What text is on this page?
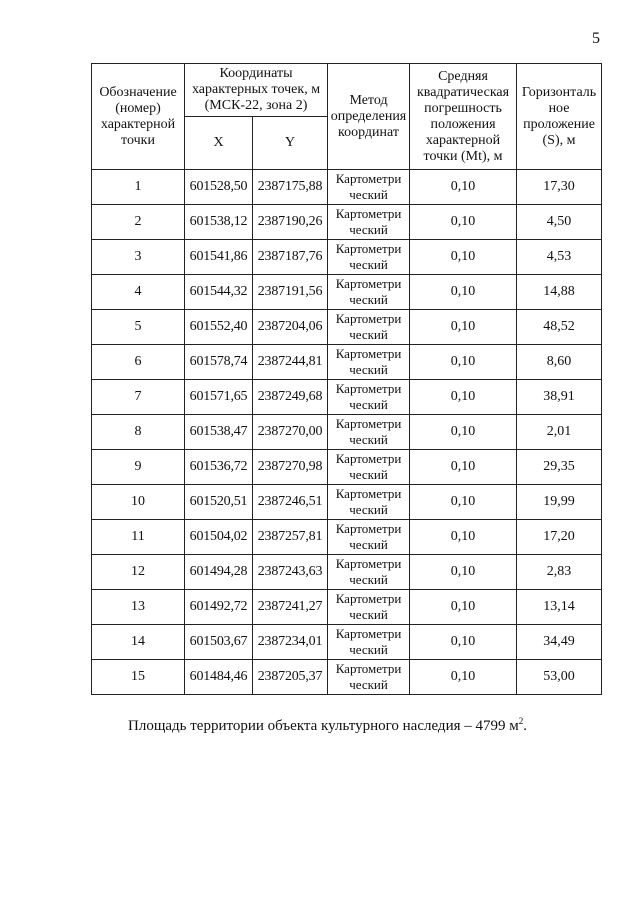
5
Обозначение (номер) характерной точки	Координаты характерных точек, м (МСК-22, зона 2)		Метод определения координат	Средняя квадратическая погрешность положения характерной точки (Mt), м	Горизонталь ное проложение (S), м
	X	Y			
1	601528,50	2387175,88	Картометри ческий	0,10	17,30
2	601538,12	2387190,26	Картометри ческий	0,10	4,50
3	601541,86	2387187,76	Картометри ческий	0,10	4,53
4	601544,32	2387191,56	Картометри ческий	0,10	14,88
5	601552,40	2387204,06	Картометри ческий	0,10	48,52
6	601578,74	2387244,81	Картометри ческий	0,10	8,60
7	601571,65	2387249,68	Картометри ческий	0,10	38,91
8	601538,47	2387270,00	Картометри ческий	0,10	2,01
9	601536,72	2387270,98	Картометри ческий	0,10	29,35
10	601520,51	2387246,51	Картометри ческий	0,10	19,99
11	601504,02	2387257,81	Картометри ческий	0,10	17,20
12	601494,28	2387243,63	Картометри ческий	0,10	2,83
13	601492,72	2387241,27	Картометри ческий	0,10	13,14
14	601503,67	2387234,01	Картометри ческий	0,10	34,49
15	601484,46	2387205,37	Картометри ческий	0,10	53,00
Площадь территории объекта культурного наследия – 4799 $м^2$.
